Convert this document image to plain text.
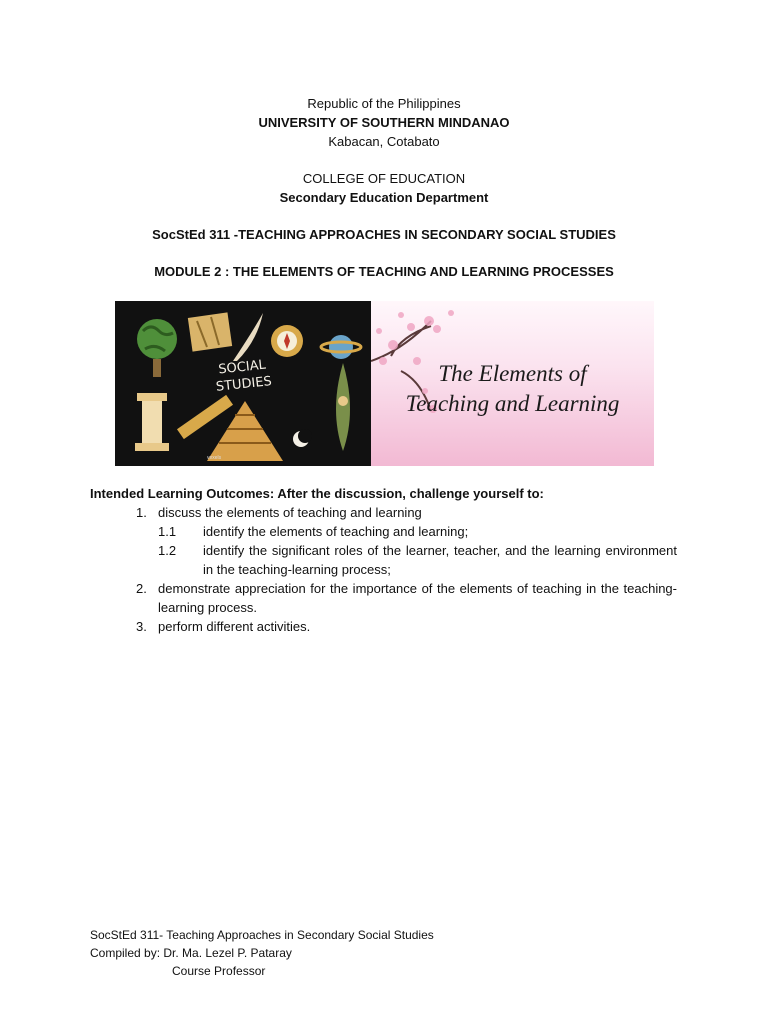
Republic of the Philippines
UNIVERSITY OF SOUTHERN MINDANAO
Kabacan, Cotabato
COLLEGE OF EDUCATION
Secondary Education Department
SocStEd 311 -TEACHING APPROACHES IN SECONDARY SOCIAL STUDIES
MODULE 2 : THE ELEMENTS OF TEACHING AND LEARNING PROCESSES
SOCIAL STUDIES
vexels
The Elements of
Teaching and Learning
Intended Learning Outcomes: After the discussion, challenge yourself to:
1. discuss the elements of teaching and learning
1.1 identify the elements of teaching and learning;
1.2 identify the significant roles of the learner, teacher, and the learning environment in the teaching-learning process;
2. demonstrate appreciation for the importance of the elements of teaching in the teaching-learning process.
3. perform different activities.
SocStEd 311- Teaching Approaches in Secondary Social Studies
Compiled by: Dr. Ma. Lezel P. Pataray
Course Professor
